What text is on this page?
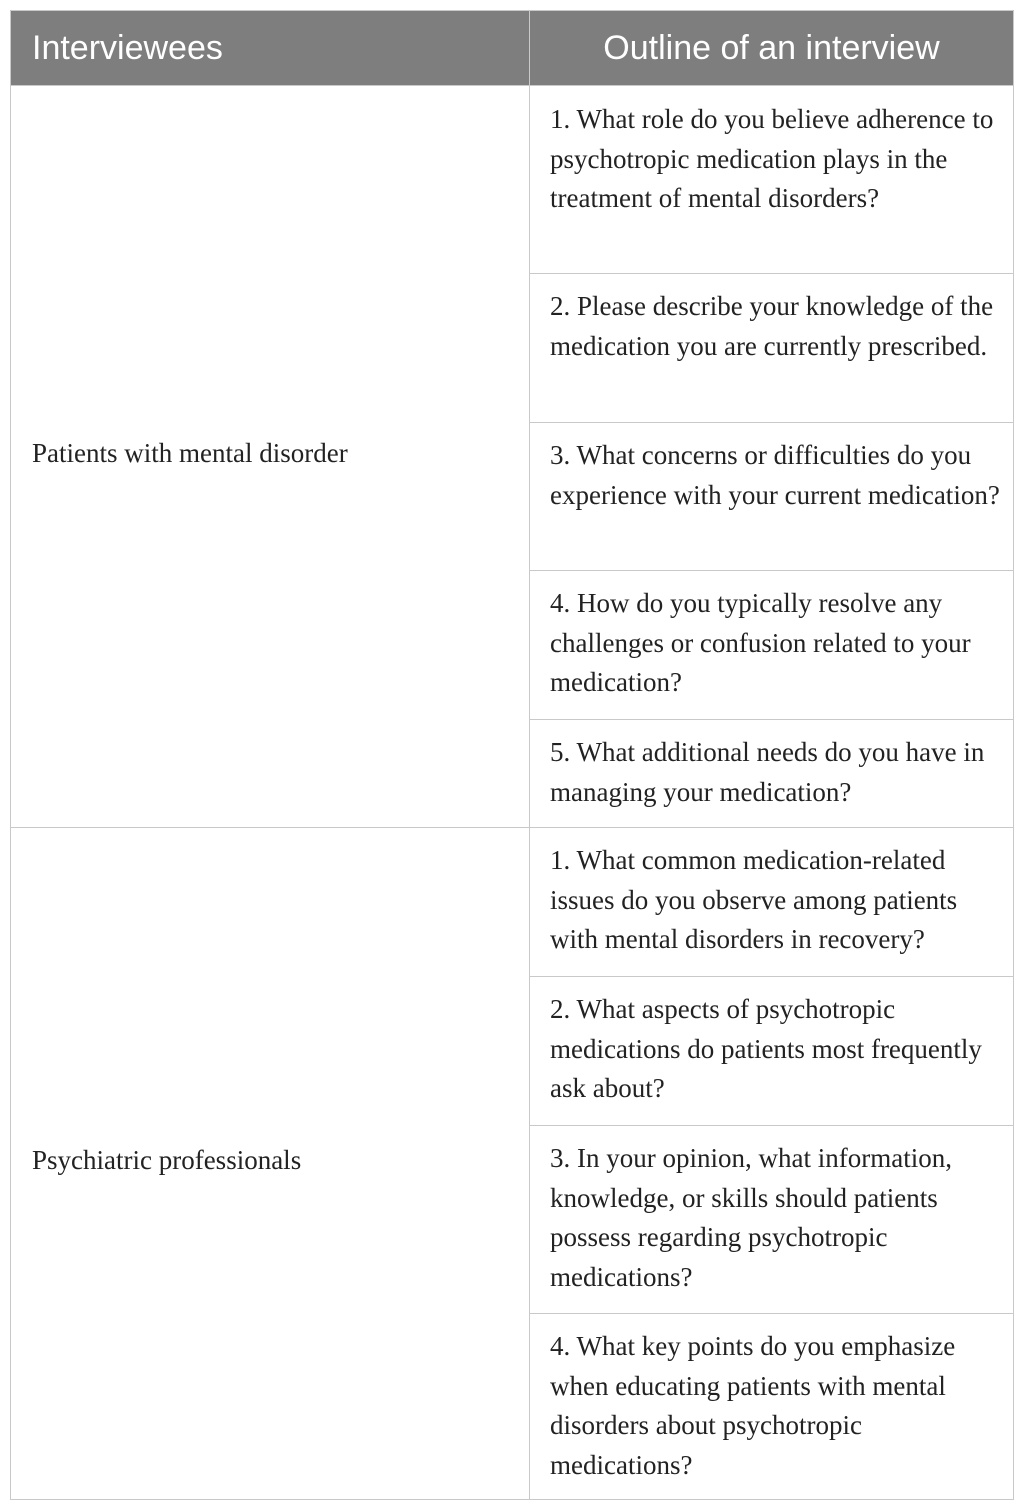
Interviewees	Outline of an interview
Patients with mental disorder
1. What role do you believe adherence to psychotropic medication plays in the treatment of mental disorders?
2. Please describe your knowledge of the medication you are currently prescribed.
3. What concerns or difficulties do you experience with your current medication?
4. How do you typically resolve any challenges or confusion related to your medication?
5. What additional needs do you have in managing your medication?
Psychiatric professionals
1. What common medication-related issues do you observe among patients with mental disorders in recovery?
2. What aspects of psychotropic medications do patients most frequently ask about?
3. In your opinion, what information, knowledge, or skills should patients possess regarding psychotropic medications?
4. What key points do you emphasize when educating patients with mental disorders about psychotropic medications?
